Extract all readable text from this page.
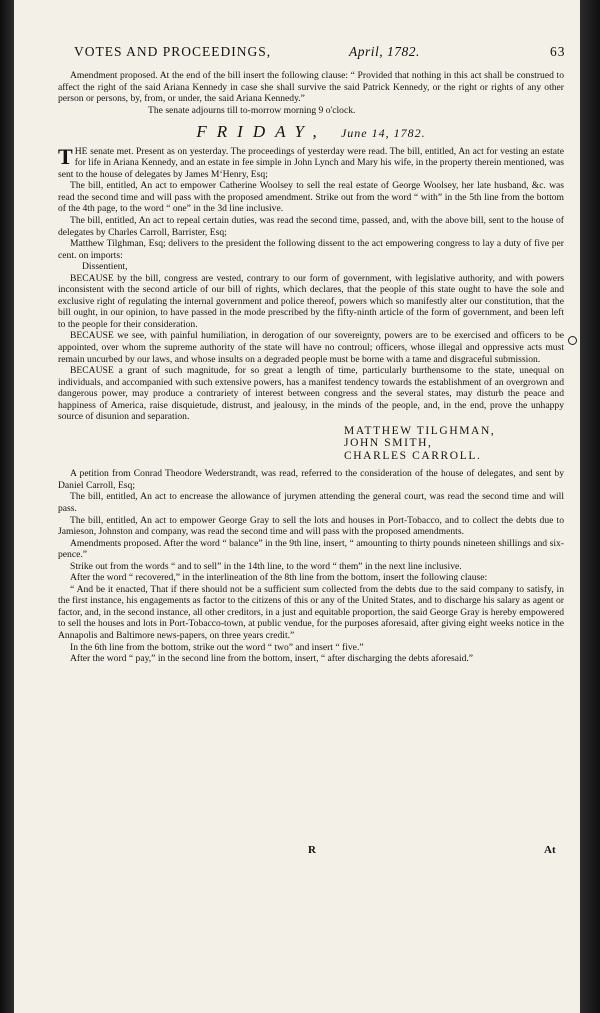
VOTES AND PROCEEDINGS,	April, 1782.	63

Amendment proposed. At the end of the bill insert the following clause: “ Provided that nothing in this act shall be construed to affect the right of the said Ariana Kennedy in case she shall survive the said Patrick Kennedy, or the right or rights of any other person or persons, by, from, or under, the said Ariana Kennedy.”

The senate adjourns till to-morrow morning 9 o'clock.

FRIDAY, June 14, 1782.

THE senate met. Present as on yesterday. The proceedings of yesterday were read. The bill, entitled, An act for vesting an estate for life in Ariana Kennedy, and an estate in fee simple in John Lynch and Mary his wife, in the property therein mentioned, was sent to the house of delegates by James M‘Henry, Esq;

The bill, entitled, An act to empower Catherine Woolsey to sell the real estate of George Woolsey, her late husband, &c. was read the second time and will pass with the proposed amendment. Strike out from the word “ with” in the 5th line from the bottom of the 4th page, to the word “ one” in the 3d line inclusive.

The bill, entitled, An act to repeal certain duties, was read the second time, passed, and, with the above bill, sent to the house of delegates by Charles Carroll, Barrister, Esq;

Matthew Tilghman, Esq; delivers to the president the following dissent to the act empowering congress to lay a duty of five per cent. on imports:

Dissentient,

BECAUSE by the bill, congress are vested, contrary to our form of government, with legislative authority, and with powers inconsistent with the second article of our bill of rights, which declares, that the people of this state ought to have the sole and exclusive right of regulating the internal government and police thereof, powers which so manifestly alter our constitution, that the bill ought, in our opinion, to have passed in the mode prescribed by the fifty-ninth article of the form of government, and been left to the people for their consideration.

BECAUSE we see, with painful humiliation, in derogation of our sovereignty, powers are to be exercised and officers to be appointed, over whom the supreme authority of the state will have no controul; officers, whose illegal and oppressive acts must remain uncurbed by our laws, and whose insults on a degraded people must be borne with a tame and disgraceful submission.

BECAUSE a grant of such magnitude, for so great a length of time, particularly burthensome to the state, unequal on individuals, and accompanied with such extensive powers, has a manifest tendency towards the establishment of an overgrown and dangerous power, may produce a contrariety of interest between congress and the several states, may disturb the peace and happiness of America, raise disquietude, distrust, and jealousy, in the minds of the people, and, in the end, prove the unhappy source of disunion and separation.

MATTHEW TILGHMAN,
JOHN SMITH,
CHARLES CARROLL.

A petition from Conrad Theodore Wederstrandt, was read, referred to the consideration of the house of delegates, and sent by Daniel Carroll, Esq;

The bill, entitled, An act to encrease the allowance of jurymen attending the general court, was read the second time and will pass.

The bill, entitled, An act to empower George Gray to sell the lots and houses in Port-Tobacco, and to collect the debts due to Jamieson, Johnston and company, was read the second time and will pass with the proposed amendments.

Amendments proposed. After the word “ balance” in the 9th line, insert, “ amounting to thirty pounds nineteen shillings and six-pence.”

Strike out from the words “ and to sell” in the 14th line, to the word “ them” in the next line inclusive.

After the word “ recovered,” in the interlineation of the 8th line from the bottom, insert the following clause:

“ And be it enacted, That if there should not be a sufficient sum collected from the debts due to the said company to satisfy, in the first instance, his engagements as factor to the citizens of this or any of the United States, and to discharge his salary as agent or factor, and, in the second instance, all other creditors, in a just and equitable proportion, the said George Gray is hereby empowered to sell the houses and lots in Port-Tobacco-town, at public vendue, for the purposes aforesaid, after giving eight weeks notice in the Annapolis and Baltimore news-papers, on three years credit.”

In the 6th line from the bottom, strike out the word “ two” and insert “ five.”

After the word “ pay,” in the second line from the bottom, insert, “ after discharging the debts aforesaid.”

R	At
